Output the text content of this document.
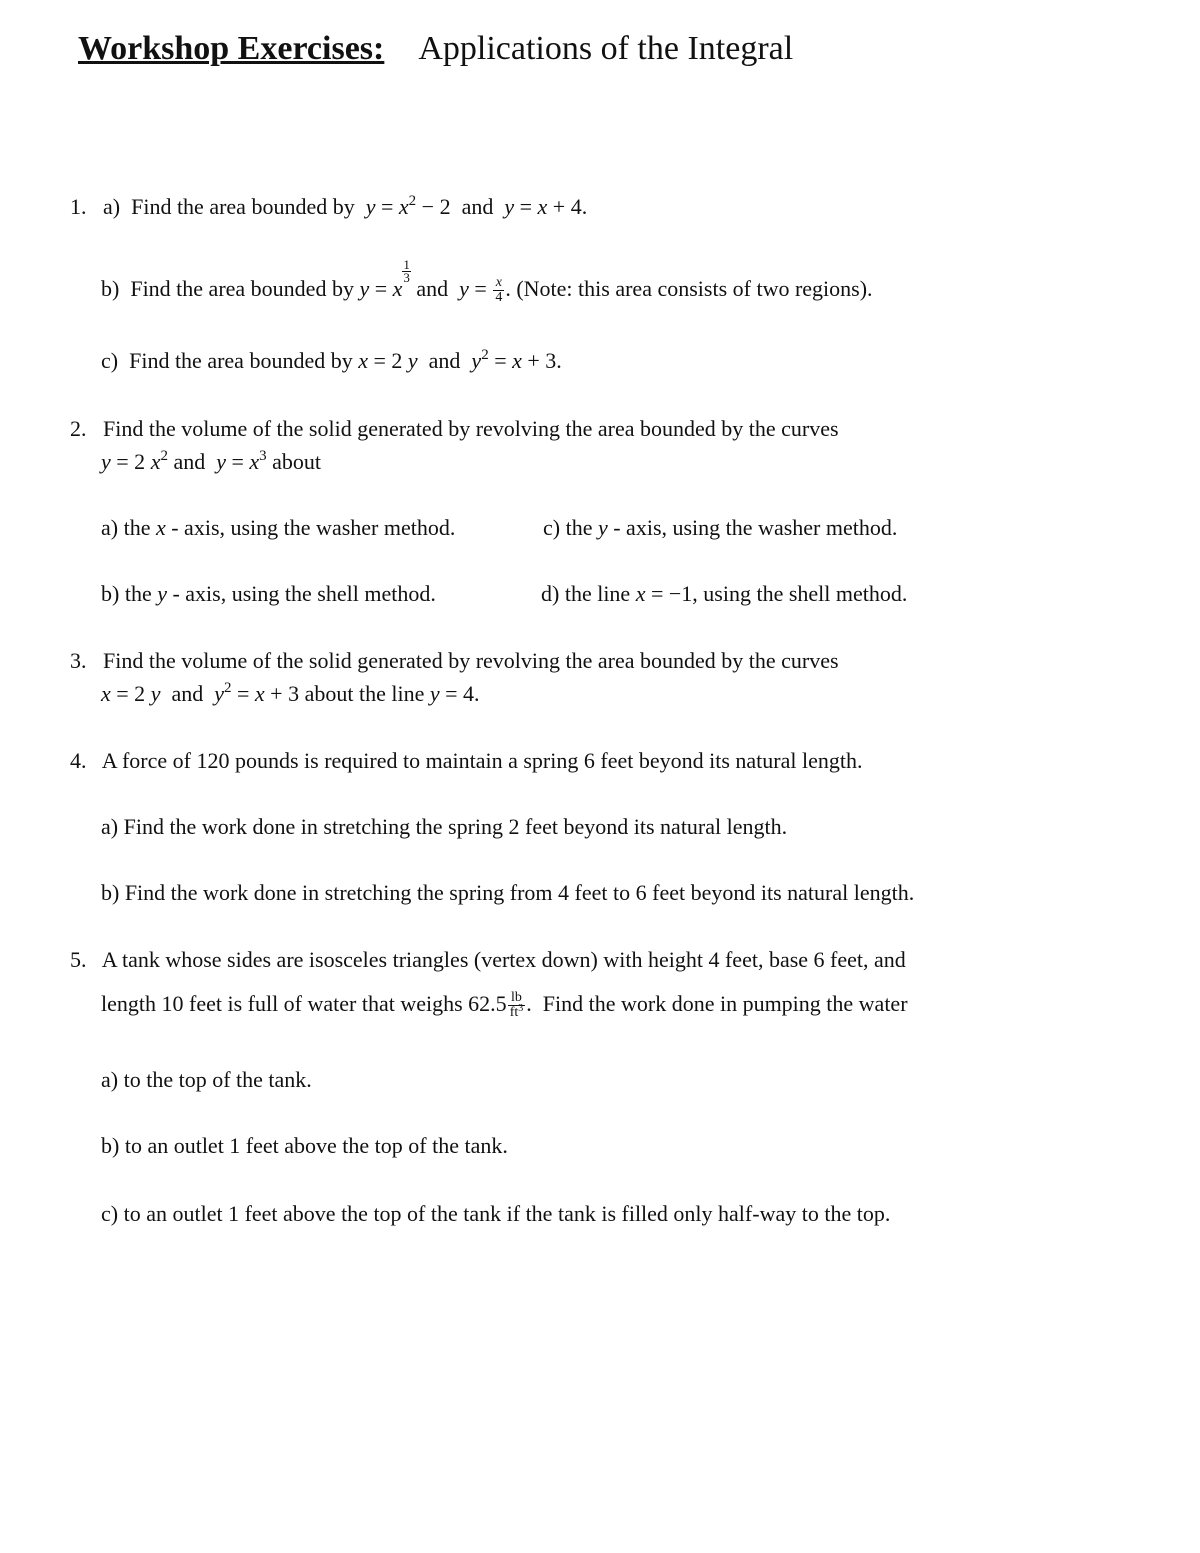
Workshop Exercises: Applications of the Integral
1. a) Find the area bounded by $y = x^2 - 2$  and y = x + 4.
b) Find the area bounded by y = x
$\frac{1}{3}$
and $y = \frac{x}{4}$ . (Note: this area consists of two regions).
c) Find the area bounded by x = 2 y and $y^2 = x + 3$.
2. Find the volume of the solid generated by revolving the area bounded by the curves
y = 2 $x^2$ and $y = x^3$ about
a) the x - axis, using the washer method.	c) the y - axis, using the washer method.
b) the y - axis, using the shell method.	d) the line x = −1, using the shell method.
3. Find the volume of the solid generated by revolving the area bounded by the curves
x = 2 y and $y^2 = x + 3$ about the line y = 4.
4. A force of 120 pounds is required to maintain a spring 6 feet beyond its natural length.
a) Find the work done in stretching the spring 2 feet beyond its natural length.
b) Find the work done in stretching the spring from 4 feet to 6 feet beyond its natural length.
5. A tank whose sides are isosceles triangles (vertex down) with height 4 feet, base 6 feet, and
length 10 feet is full of water that weighs $62.5 \frac{lb}{ft^3}$ .  Find the work done in pumping the water
a) to the top of the tank.
b) to an outlet 1 feet above the top of the tank.
c) to an outlet 1 feet above the top of the tank if the tank is filled only half-way to the top.
